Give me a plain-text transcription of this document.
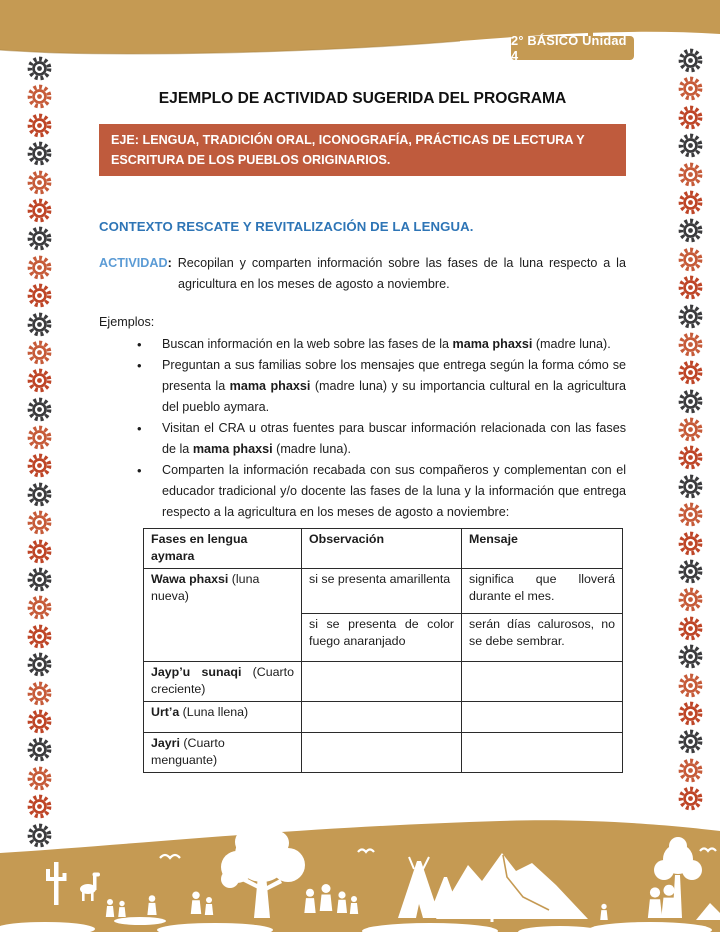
2° BÁSICO Unidad 4
EJEMPLO DE ACTIVIDAD SUGERIDA DEL PROGRAMA
EJE: LENGUA, TRADICIÓN ORAL, ICONOGRAFÍA, PRÁCTICAS DE LECTURA Y ESCRITURA DE LOS PUEBLOS ORIGINARIOS.
CONTEXTO RESCATE Y REVITALIZACIÓN DE LA LENGUA.

ACTIVIDAD: Recopilan y comparten información sobre las fases de la luna respecto a la agricultura en los meses de agosto a noviembre.

Ejemplos:

• Buscan información en la web sobre las fases de la mama phaxsi (madre luna).
• Preguntan a sus familias sobre los mensajes que entrega según la forma cómo se presenta la mama phaxsi (madre luna) y su importancia cultural en la agricultura del pueblo aymara.
• Visitan el CRA u otras fuentes para buscar información relacionada con las fases de la mama phaxsi (madre luna).
• Comparten la información recabada con sus compañeros y complementan con el educador tradicional y/o docente las fases de la luna y la información que entrega respecto a la agricultura en los meses de agosto a noviembre:
Fases en lengua aymara	Observación	Mensaje
Wawa phaxsi (luna nueva)	si se presenta amarillenta	significa que lloverá durante el mes.
	si se presenta de color fuego anaranjado	serán días calurosos, no se debe sembrar.
Jayp’u sunaqi (Cuarto creciente)		
Urt’a (Luna llena)		
Jayri (Cuarto menguante)		
